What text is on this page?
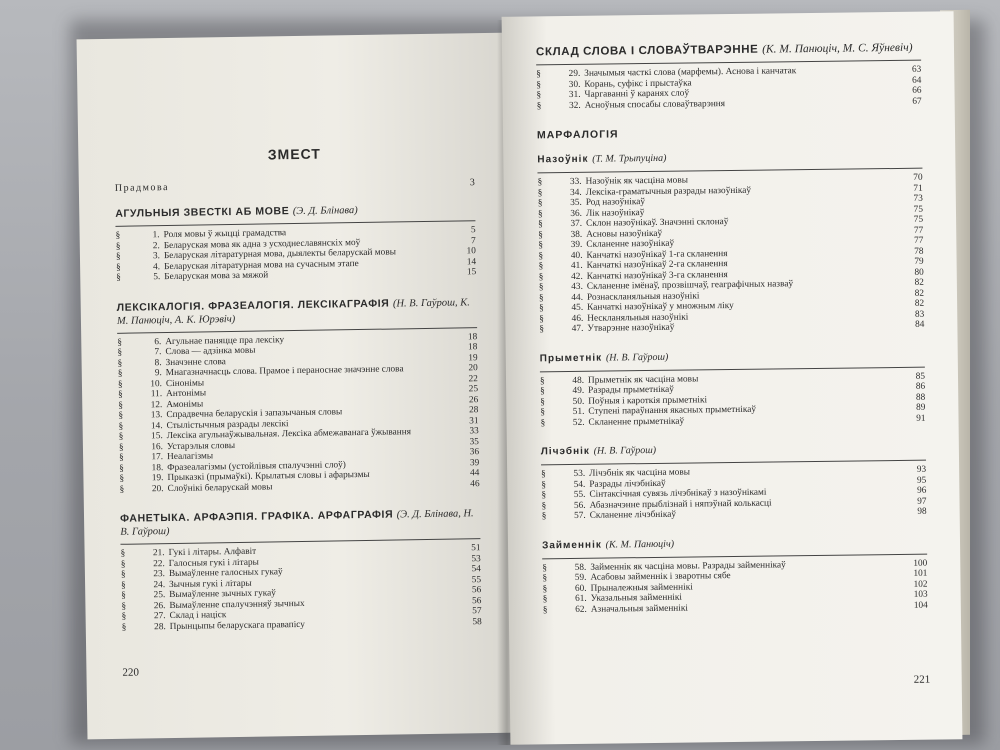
ЗМЕСТ
Прадмова	3
АГУЛЬНЫЯ ЗВЕСТКІ АБ МОВЕ (Э. Д. Блінава)
§	1. Роля мовы ў жыцці грамадства	5
§	2. Беларуская мова як адна з усходнеславянскіх моў	7
§	3. Беларуская літаратурная мова, дыялекты беларускай мовы	10
§	4. Беларуская літаратурная мова на сучасным этапе	14
§	5. Беларуская мова за мяжой	15
ЛЕКСІКАЛОГІЯ. ФРАЗЕАЛОГІЯ. ЛЕКСІКАГРАФІЯ (Н. В. Гаўрош, К. М. Панюціч, А. К. Юрэвіч)
§	6. Агульнае паняцце пра лексіку	18
§	7. Слова — адзінка мовы	18
§	8. Значэнне слова	19
§	9. Мнагазначнасць слова. Прамое і пераноснае значэнне слова	20
§	10. Сінонімы	22
§	11. Антонімы	25
§	12. Амонімы	26
§	13. Спрадвечна беларускія і запазычаныя словы	28
§	14. Стылістычныя разрады лексікі	31
§	15. Лексіка агульнаўжывальная. Лексіка абмежаванага ўжывання	33
§	16. Устарэлыя словы	35
§	17. Неалагізмы	36
§	18. Фразеалагізмы (устойлівыя спалучэнні слоў)	39
§	19. Прыказкі (прымаўкі). Крылатыя словы і афарызмы	44
§	20. Слоўнікі беларускай мовы	46
ФАНЕТЫКА. АРФАЭПІЯ. ГРАФІКА. АРФАГРАФІЯ (Э. Д. Блінава, Н. В. Гаўрош)
§	21. Гукі і літары. Алфавіт	51
§	22. Галосныя гукі і літары	53
§	23. Вымаўленне галосных гукаў	54
§	24. Зычныя гукі і літары	55
§	25. Вымаўленне зычных гукаў	56
§	26. Вымаўленне спалучэнняў зычных	56
§	27. Склад і націск	57
§	28. Прынцыпы беларускага правапісу	58
220
СКЛАД СЛОВА І СЛОВАЎТВАРЭННЕ (К. М. Панюціч, М. С. Яўневіч)
§	29. Значымыя часткі слова (марфемы). Аснова і канчатак	63
§	30. Корань, суфікс і прыстаўка	64
§	31. Чаргаванні ў каранях слоў	66
§	32. Асноўныя спосабы словаўтварэння	67
МАРФАЛОГІЯ
Назоўнік (Т. М. Трыпуціна)
§	33. Назоўнік як часціна мовы	70
§	34. Лексіка-граматычныя разрады назоўнікаў	71
§	35. Род назоўнікаў	73
§	36. Лік назоўнікаў	75
§	37. Склон назоўнікаў. Значэнні склонаў	75
§	38. Асновы назоўнікаў	77
§	39. Скланенне назоўнікаў	77
§	40. Канчаткі назоўнікаў 1-га скланення	78
§	41. Канчаткі назоўнікаў 2-га скланення	79
§	42. Канчаткі назоўнікаў 3-га скланення	80
§	43. Скланенне імёнаў, прозвішчаў, геаграфічных назваў	82
§	44. Рознаскланяльныя назоўнікі	82
§	45. Канчаткі назоўнікаў у множным ліку	82
§	46. Нескланяльныя назоўнікі	83
§	47. Утварэнне назоўнікаў	84
Прыметнік (Н. В. Гаўрош)
§	48. Прыметнік як часціна мовы	85
§	49. Разрады прыметнікаў	86
§	50. Поўныя і кароткія прыметнікі	88
§	51. Ступені параўнання якасных прыметнікаў	89
§	52. Скланенне прыметнікаў	91
Лічэбнік (Н. В. Гаўрош)
§	53. Лічэбнік як часціна мовы	93
§	54. Разрады лічэбнікаў	95
§	55. Сінтаксічная сувязь лічэбнікаў з назоўнікамі	96
§	56. Абазначэнне прыблізнай і няпэўнай колькасці	97
§	57. Скланенне лічэбнікаў	98
Займеннік (К. М. Панюціч)
§	58. Займеннік як часціна мовы. Разрады займеннікаў	100
§	59. Асабовы займеннік і зваротны сябе	101
§	60. Прыналежныя займеннікі	102
§	61. Указальныя займеннікі	103
§	62. Азначальныя займеннікі	104
221
